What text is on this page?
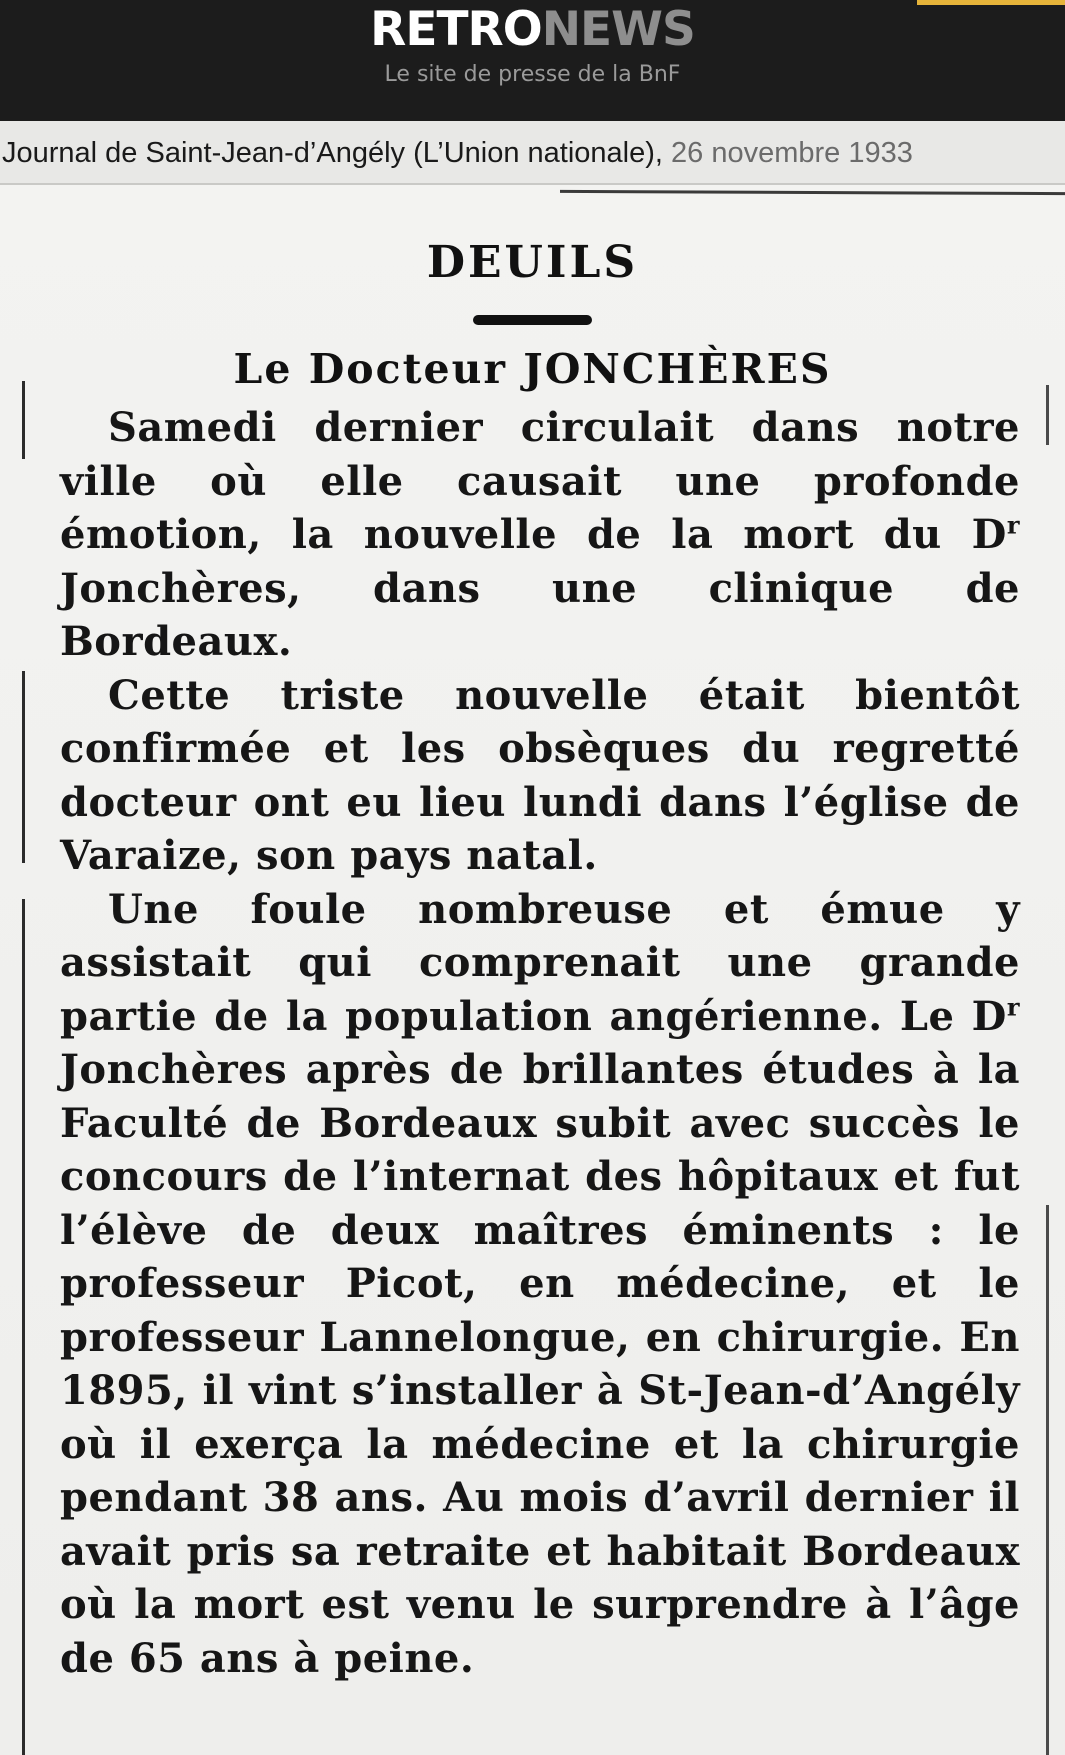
RETRONEWS
Le site de presse de la BnF
Journal de Saint-Jean-d’Angély (L’Union nationale), 26 novembre 1933
DEUILS
Le Docteur JONCHÈRES

Samedi dernier circulait dans notre ville où elle causait une profonde émotion, la nouvelle de la mort du $D^r$ Jonchères, dans une clinique de Bordeaux.

Cette triste nouvelle était bientôt confirmée et les obsèques du regretté docteur ont eu lieu lundi dans l’église de Varaize, son pays natal.

Une foule nombreuse et émue y assistait qui comprenait une grande partie de la population angérienne. Le $D^r$ Jonchères après de brillantes études à la Faculté de Bordeaux subit avec succès le concours de l’internat des hôpitaux et fut l’élève de deux maîtres éminents : le professeur Picot, en médecine, et le professeur Lannelongue, en chirurgie. En 1895, il vint s’installer à St-Jean-d’Angély où il exerça la médecine et la chirurgie pendant 38 ans. Au mois d’avril dernier il avait pris sa retraite et habitait Bordeaux où la mort est venu le surprendre à l’âge de 65 ans à peine.
